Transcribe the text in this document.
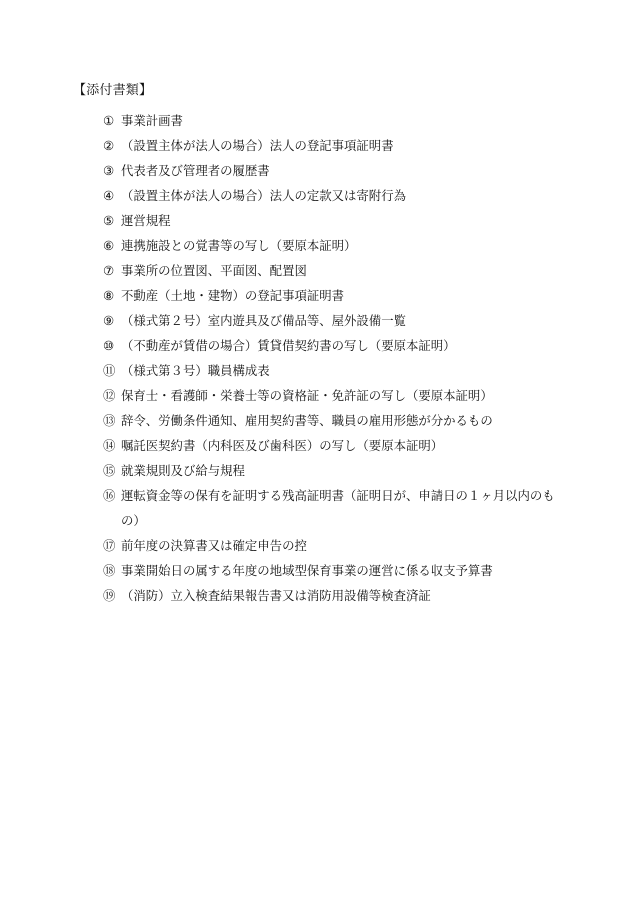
【添付書類】
① 事業計画書
② （設置主体が法人の場合）法人の登記事項証明書
③ 代表者及び管理者の履歴書
④ （設置主体が法人の場合）法人の定款又は寄附行為
⑤ 運営規程
⑥ 連携施設との覚書等の写し（要原本証明）
⑦ 事業所の位置図、平面図、配置図
⑧ 不動産（土地・建物）の登記事項証明書
⑨ （様式第２号）室内遊具及び備品等、屋外設備一覧
⑩ （不動産が賃借の場合）賃貸借契約書の写し（要原本証明）
⑪ （様式第３号）職員構成表
⑫ 保育士・看護師・栄養士等の資格証・免許証の写し（要原本証明）
⑬ 辞令、労働条件通知、雇用契約書等、職員の雇用形態が分かるもの
⑭ 嘱託医契約書（内科医及び歯科医）の写し（要原本証明）
⑮ 就業規則及び給与規程
⑯ 運転資金等の保有を証明する残高証明書（証明日が、申請日の１ヶ月以内のもの）
⑰ 前年度の決算書又は確定申告の控
⑱ 事業開始日の属する年度の地域型保育事業の運営に係る収支予算書
⑲ （消防）立入検査結果報告書又は消防用設備等検査済証
